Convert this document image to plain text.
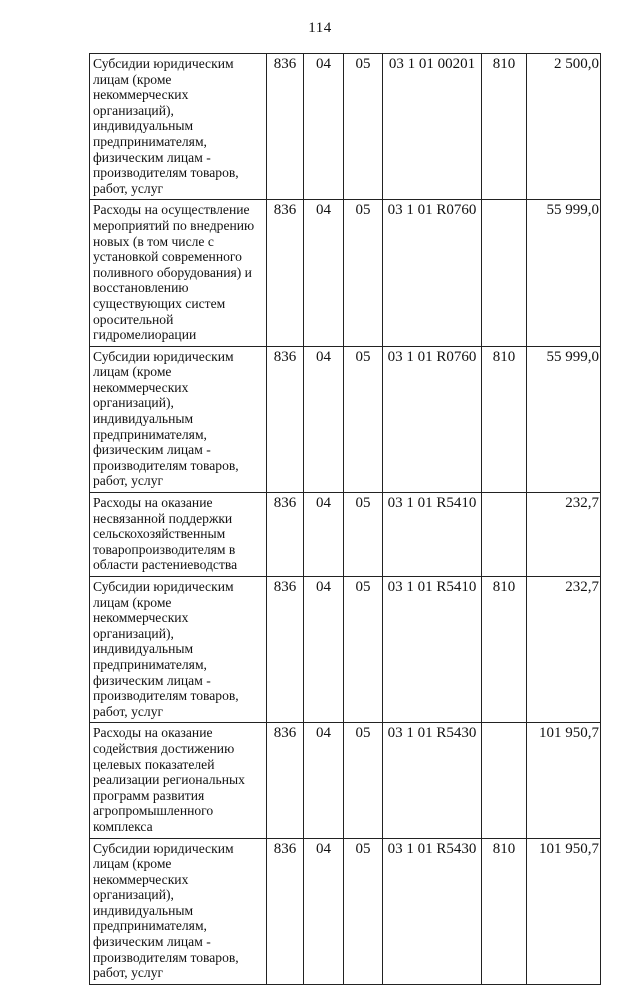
114
Субсидии юридическим лицам (кроме некоммерческих организаций), индивидуальным предпринимателям, физическим лицам - производителям товаров, работ, услуг	836	04	05	03 1 01 00201	810	2 500,0
Расходы на осуществление мероприятий по внедрению новых (в том числе с установкой современного поливного оборудования) и восстановлению существующих систем оросительной гидромелиорации	836	04	05	03 1 01 R0760		55 999,0
Субсидии юридическим лицам (кроме некоммерческих организаций), индивидуальным предпринимателям, физическим лицам - производителям товаров, работ, услуг	836	04	05	03 1 01 R0760	810	55 999,0
Расходы на оказание несвязанной поддержки сельскохозяйственным товаропроизводителям в области растениеводства	836	04	05	03 1 01 R5410		232,7
Субсидии юридическим лицам (кроме некоммерческих организаций), индивидуальным предпринимателям, физическим лицам - производителям товаров, работ, услуг	836	04	05	03 1 01 R5410	810	232,7
Расходы на оказание содействия достижению целевых показателей реализации региональных программ развития агропромышленного комплекса	836	04	05	03 1 01 R5430		101 950,7
Субсидии юридическим лицам (кроме некоммерческих организаций), индивидуальным предпринимателям, физическим лицам - производителям товаров, работ, услуг	836	04	05	03 1 01 R5430	810	101 950,7
